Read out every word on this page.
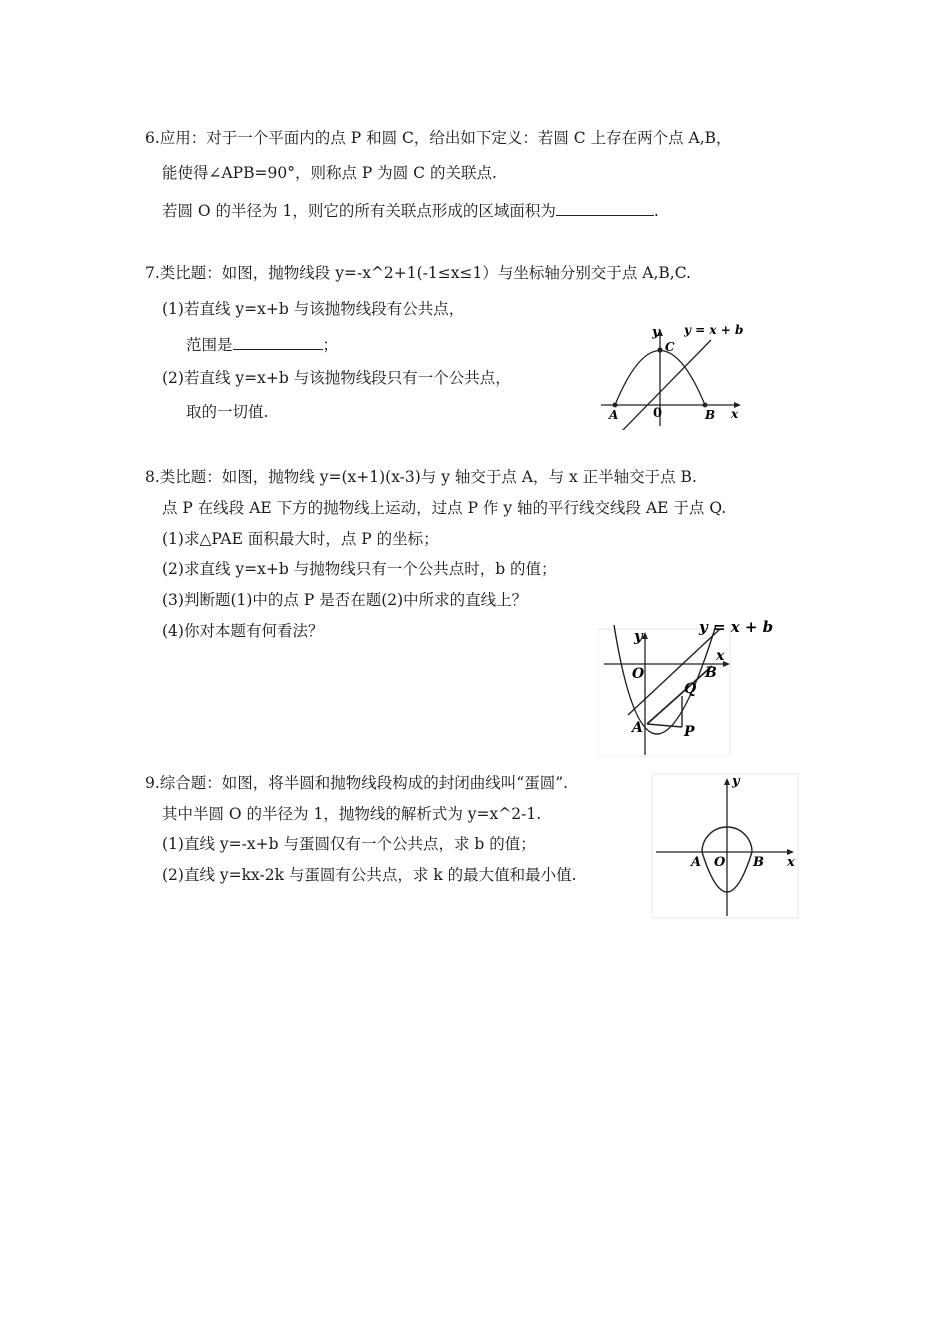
6.应用：对于一个平面内的点 P 和圆 C，给出如下定义：若圆 C 上存在两个点 A,B，
能使得∠APB=90°，则称点 P 为圆 C 的关联点.
若圆 O 的半径为 1，则它的所有关联点形成的区域面积为	.
7.类比题：如图，抛物线段 y=-x^2+1(-1≤x≤1）与坐标轴分别交于点 A,B,C.
(1)若直线 y=x+b 与该抛物线段有公共点，
范围是	；
(2)若直线 y=x+b 与该抛物线段只有一个公共点，
取的一切值.
y
x
y = x + b
0
A	B
C
8.类比题：如图，抛物线 y=(x+1)(x-3)与 y 轴交于点 A，与 x 正半轴交于点 B.
点 P 在线段 AE 下方的抛物线上运动，过点 P 作 y 轴的平行线交线段 AE 于点 Q.
(1)求△PAE 面积最大时，点 P 的坐标；
(2)求直线 y=x+b 与抛物线只有一个公共点时，b 的值；
(3)判断题(1)中的点 P 是否在题(2)中所求的直线上？
(4)你对本题有何看法？	y
x
y = x + b
O
A
B
Q
P
9.综合题：如图，将半圆和抛物线段构成的封闭曲线叫“蛋圆”.
其中半圆 O 的半径为 1，抛物线的解析式为 y=x^2-1.
(1)直线 y=-x+b 与蛋圆仅有一个公共点，求 b 的值；
(2)直线 y=kx-2k 与蛋圆有公共点，求 k 的最大值和最小值.
y
x
A O B
